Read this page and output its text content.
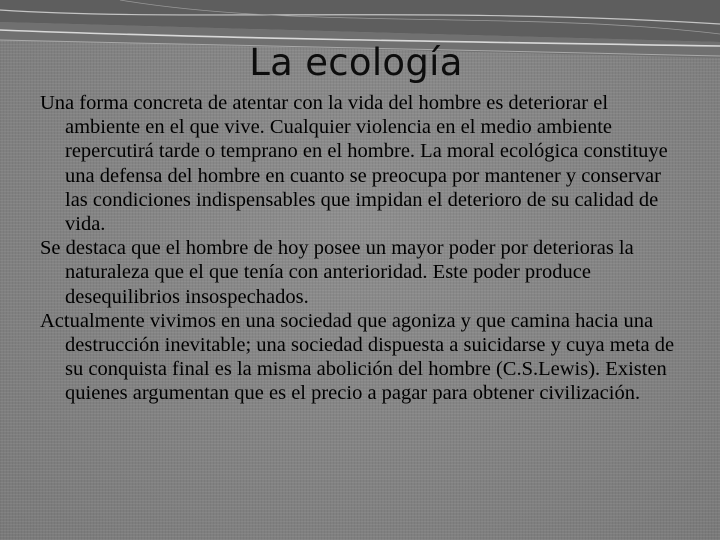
La ecología

Una forma concreta de atentar con la vida del hombre es deteriorar el ambiente en el que vive. Cualquier violencia en el medio ambiente repercutirá tarde o temprano en el hombre. La moral ecológica constituye una defensa del hombre en cuanto se preocupa por mantener y conservar las condiciones indispensables que impidan el deterioro de su calidad de vida.

Se destaca que el hombre de hoy posee un mayor poder por deterioras la naturaleza que el que tenía con anterioridad. Este poder produce desequilibrios insospechados.

Actualmente vivimos en una sociedad que agoniza y que camina hacia una destrucción inevitable; una sociedad dispuesta a suicidarse y cuya meta de su conquista final es la misma abolición del hombre (C.S.Lewis). Existen quienes argumentan que es el precio a pagar para obtener civilización.
